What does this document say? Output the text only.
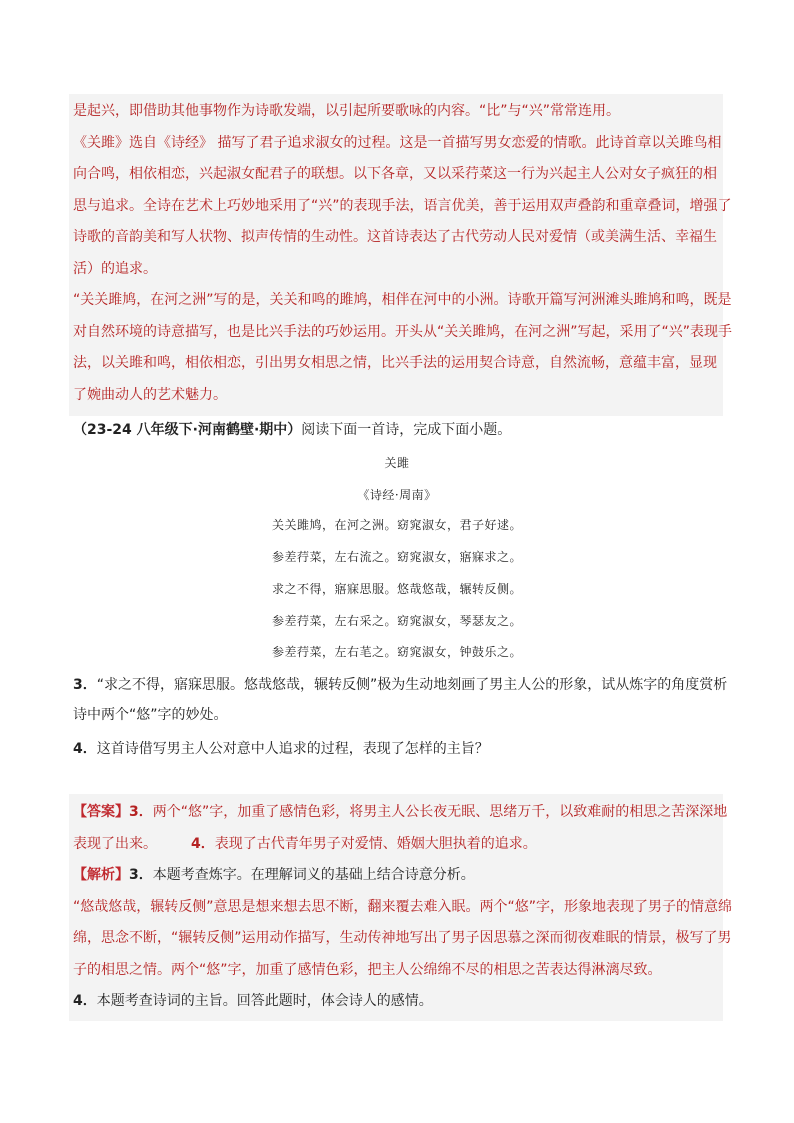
是起兴，即借助其他事物作为诗歌发端，以引起所要歌咏的内容。“比”与“兴”常常连用。

《关雎》选自《诗经》 描写了君子追求淑女的过程。这是一首描写男女恋爱的情歌。此诗首章以关雎鸟相

向合鸣，相依相恋，兴起淑女配君子的联想。以下各章，又以采荇菜这一行为兴起主人公对女子疯狂的相

思与追求。全诗在艺术上巧妙地采用了“兴”的表现手法，语言优美，善于运用双声叠韵和重章叠词，增强了

诗歌的音韵美和写人状物、拟声传情的生动性。这首诗表达了古代劳动人民对爱情（或美满生活、幸福生

活）的追求。

“关关雎鸠，在河之洲”写的是，关关和鸣的雎鸠，相伴在河中的小洲。诗歌开篇写河洲滩头雎鸠和鸣，既是

对自然环境的诗意描写，也是比兴手法的巧妙运用。开头从“关关雎鸠，在河之洲”写起，采用了“兴”表现手

法，以关雎和鸣，相依相恋，引出男女相思之情，比兴手法的运用契合诗意，自然流畅，意蕴丰富，显现

了婉曲动人的艺术魅力。

（23-24 八年级下·河南鹤壁·期中）阅读下面一首诗，完成下面小题。
关雎
《诗经·周南》
关关雎鸠，在河之洲。窈窕淑女，君子好逑。
参差荇菜，左右流之。窈窕淑女，寤寐求之。
求之不得，寤寐思服。悠哉悠哉，辗转反侧。
参差荇菜，左右采之。窈窕淑女，琴瑟友之。
参差荇菜，左右芼之。窈窕淑女，钟鼓乐之。
3．“求之不得，寤寐思服。悠哉悠哉，辗转反侧”极为生动地刻画了男主人公的形象，试从炼字的角度赏析
诗中两个“悠”字的妙处。
4．这首诗借写男主人公对意中人追求的过程，表现了怎样的主旨？

【答案】3．两个“悠”字，加重了感情色彩，将男主人公长夜无眠、思绪万千，以致难耐的相思之苦深深地

表现了出来。 4．表现了古代青年男子对爱情、婚姻大胆执着的追求。

【解析】3．本题考查炼字。在理解词义的基础上结合诗意分析。

“悠哉悠哉，辗转反侧”意思是想来想去思不断，翻来覆去难入眠。两个“悠”字，形象地表现了男子的情意绵

绵，思念不断，“辗转反侧”运用动作描写，生动传神地写出了男子因思慕之深而彻夜难眠的情景，极写了男

子的相思之情。两个“悠”字，加重了感情色彩，把主人公绵绵不尽的相思之苦表达得淋漓尽致。

4．本题考查诗词的主旨。回答此题时，体会诗人的感情。
